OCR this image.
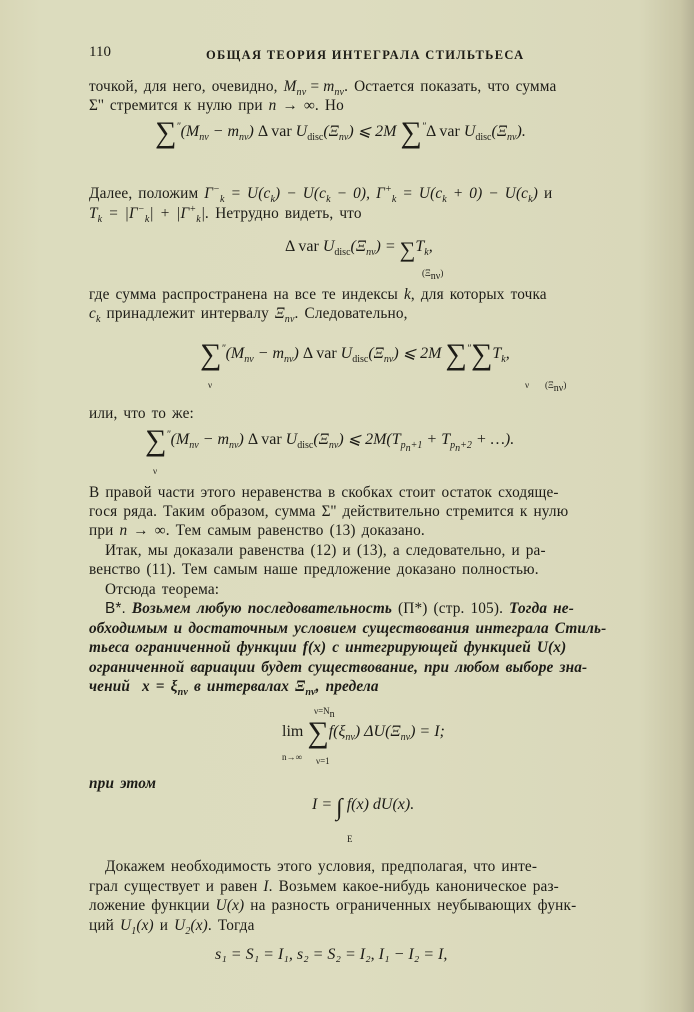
110	ОБЩАЯ ТЕОРИЯ ИНТЕГРАЛА СТИЛЬТЬЕСА
точкой, для него, очевидно, $M_{n\nu} = m_{n\nu}$. Остается показать, что сумма
Σ'' стремится к нулю при n → ∞. Но
$\sum''(M_{n\nu} - m_{n\nu})$ Δ var $U_{disc}(\Xi_{n\nu})$ ⩽ 2M ∑″Δ var $U_{disc}(\Xi_{n\nu})$.
Далее, положим $\Gamma^-_k = U(c_k) - U(c_k - 0)$, $\Gamma^+_k = U(c_k + 0) - U(c_k)$ и
$T_k = |\Gamma^-_k| + |\Gamma^+_k|$. Нетрудно видеть, что
Δ var $U_{disc}(\Xi_{n\nu}) = \sum T_k$,
$(\Xi_{n\nu})$
где сумма распространена на все те индексы k, для которых точка
$c_k$ принадлежит интервалу $\Xi_{n\nu}$. Следовательно,
$\sum''(M_{n\nu} - m_{n\nu})$ Δ var $U_{disc}(\Xi_{n\nu})$ ⩽ 2M $\sum''\sum T_k$,
ν	ν $(\Xi_{n\nu})$
или, что то же:
$\sum''(M_{n\nu} - m_{n\nu})$ Δ var $U_{disc}(\Xi_{n\nu})$ ⩽ $2M(T_{p_n+1} + T_{p_n+2}$ + …).
ν
В правой части этого неравенства в скобках стоит остаток сходяще-
гося ряда. Таким образом, сумма Σ'' действительно стремится к нулю
при n → ∞. Тем самым равенство (13) доказано.
Итак, мы доказали равенства (12) и (13), а следовательно, и ра-
венство (11). Тем самым наше предложение доказано полностью.
Отсюда теорема:
В*. Возьмем любую последовательность (П*) (стр. 105). Тогда не-
обходимым и достаточным условием существования интеграла Стиль-
тьеса ограниченной функции f(x) с интегрирующей функцией U(x)
ограниченной вариации будет существование, при любом выборе зна-
чений $x = \xi_{n\nu}$ в интервалах $\Xi_{n\nu}$, предела
$\lim \sum f(\xi_{n\nu}) \Delta U(\Xi_{n\nu}) = I$;
$\nu=N_n$
n→∞ ν=1
при этом
I = ∫ f(x) dU(x).
E
Докажем необходимость этого условия, предполагая, что инте-
грал существует и равен I. Возьмем какое-нибудь каноническое раз-
ложение функции U(x) на разность ограниченных неубывающих функ-
ций $U_1(x)$ и $U_2(x)$. Тогда
s₁ = S₁ = I₁, s₂ = S₂ = I₂, I₁ − I₂ = I,
